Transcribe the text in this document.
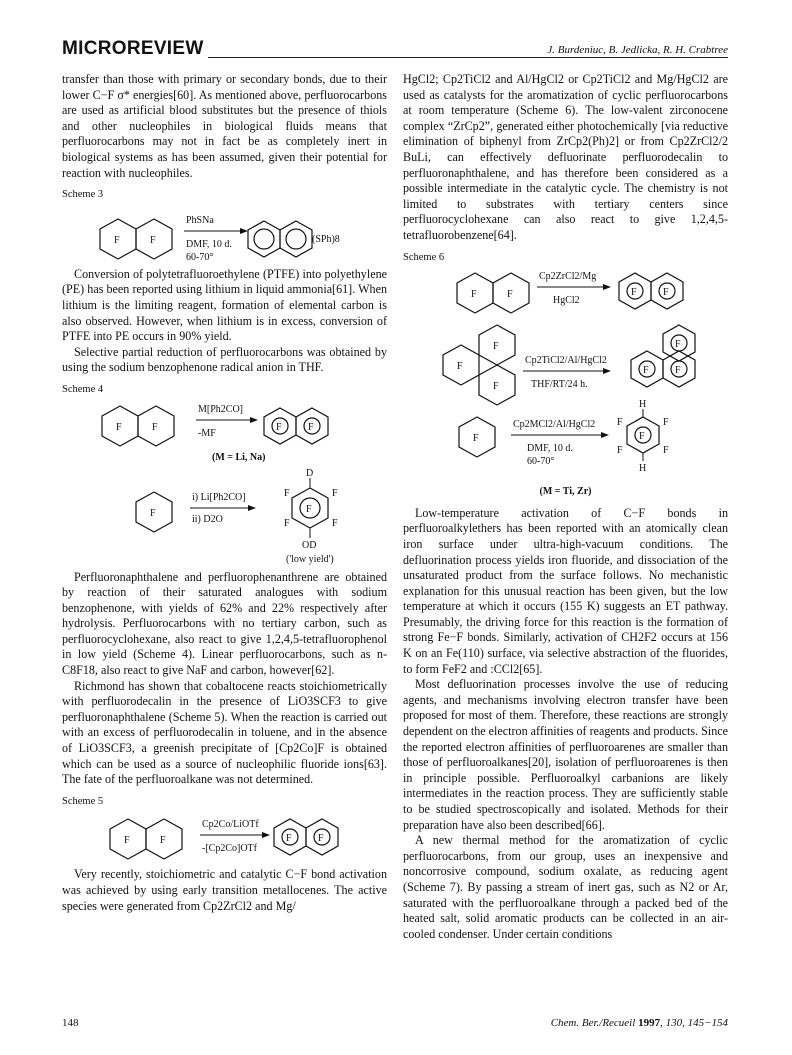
MICROREVIEW	J. Burdeniuc, B. Jedlicka, R. H. Crabtree

transfer than those with primary or secondary bonds, due to their lower C−F σ* energies[60]. As mentioned above, perfluorocarbons are used as artificial blood substitutes but the presence of thiols and other nucleophiles in biological fluids means that perfluorocarbons may not in fact be as completely inert in biological systems as has been assumed, given their potential for reaction with nucleophiles.

Scheme 3
F	F
PhSNa
DMF, 10 d.
60-70°
(SPh)8

Conversion of polytetrafluoroethylene (PTFE) into polyethylene (PE) has been reported using lithium in liquid ammonia[61]. When lithium is the limiting reagent, formation of elemental carbon is also observed. However, when lithium is in excess, conversion of PTFE into PE occurs in 90% yield.

Selective partial reduction of perfluorocarbons was obtained by using the sodium benzophenone radical anion in THF.

Scheme 4
F	F
M[Ph2CO]
-MF
F	F
(M = Li, Na)
F
i) Li[Ph2CO]
ii) D2O
F
D
OD
F	F
F	F
('low yield')

Perfluoronaphthalene and perfluorophenanthrene are obtained by reaction of their saturated analogues with sodium benzophenone, with yields of 62% and 22% respectively after hydrolysis. Perfluorocarbons with no tertiary carbon, such as perfluorocyclohexane, also react to give 1,2,4,5-tetrafluorophenol in low yield (Scheme 4). Linear perfluorocarbons, such as n-C8F18, also react to give NaF and carbon, however[62].

Richmond has shown that cobaltocene reacts stoichiometrically with perfluorodecalin in the presence of LiO3SCF3 to give perfluoronaphthalene (Scheme 5). When the reaction is carried out with an excess of perfluorodecalin in toluene, and in the absence of LiO3SCF3, a greenish precipitate of [Cp2Co]F is obtained which can be used as a source of nucleophilic fluoride ions[63]. The fate of the perfluoroalkane was not determined.

Scheme 5
F	F
Cp2Co/LiOTf
-[Cp2Co]OTf
F	F

Very recently, stoichiometric and catalytic C−F bond activation was achieved by using early transition metallocenes. The active species were generated from Cp2ZrCl2 and Mg/

HgCl2; Cp2TiCl2 and Al/HgCl2 or Cp2TiCl2 and Mg/HgCl2 are used as catalysts for the aromatization of cyclic perfluorocarbons at room temperature (Scheme 6). The low-valent zirconocene complex “ZrCp2”, generated either photochemically [via reductive elimination of biphenyl from ZrCp2(Ph)2] or from Cp2ZrCl2/2 BuLi, can effectively defluorinate perfluorodecalin to perfluoronaphthalene, and has therefore been considered as a possible intermediate in the catalytic cycle. The chemistry is not limited to substrates with tertiary centers since perfluorocyclohexane can also react to give 1,2,4,5-tetrafluorobenzene[64].

Scheme 6
F	F
Cp2ZrCl2/Mg
HgCl2
F	F
F
F
F
Cp2TiCl2/Al/HgCl2
THF/RT/24 h.
F
F	F
F
Cp2MCl2/Al/HgCl2
DMF, 10 d.
60-70°
F
H
H
F	F
F	F
(M = Ti, Zr)

Low-temperature activation of C−F bonds in perfluoroalkylethers has been reported with an atomically clean iron surface under ultra-high-vacuum conditions. The defluorination process yields iron fluoride, and dissociation of the unsaturated product from the surface follows. No mechanistic explanation for this unusual reaction has been given, but the low temperature at which it occurs (155 K) suggests an ET pathway. Presumably, the driving force for this reaction is the formation of strong Fe−F bonds. Similarly, activation of CH2F2 occurs at 156 K on an Fe(110) surface, via selective abstraction of the fluorides, to form FeF2 and :CCl2[65].

Most defluorination processes involve the use of reducing agents, and mechanisms involving electron transfer have been proposed for most of them. Therefore, these reactions are strongly dependent on the electron affinities of reagents and products. Since the reported electron affinities of perfluoroarenes are smaller than those of perfluoroalkanes[20], isolation of perfluoroarenes is then in principle possible. Perfluoroalkyl carbanions are likely intermediates in the reaction process. They are sufficiently stable to be studied spectroscopically and isolated. Methods for their preparation have also been described[66].

A new thermal method for the aromatization of cyclic perfluorocarbons, from our group, uses an inexpensive and noncorrosive compound, sodium oxalate, as reducing agent (Scheme 7). By passing a stream of inert gas, such as N2 or Ar, saturated with the perfluoroalkane through a packed bed of the heated salt, solid aromatic products can be collected in an air-cooled condenser. Under certain conditions

148	Chem. Ber./Recueil 1997, 130, 145−154
